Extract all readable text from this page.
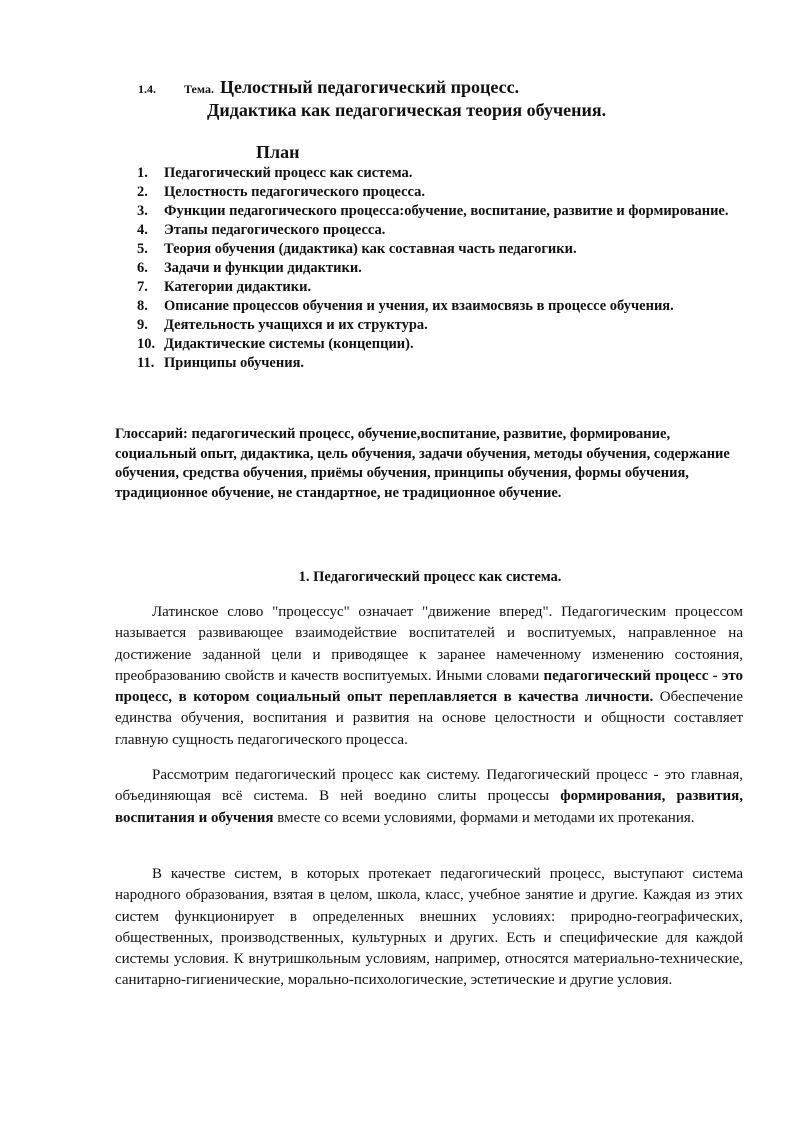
1.4. Тема. Целостный педагогический процесс.
Дидактика как педагогическая теория обучения.
План
1.	Педагогический процесс как система.
2.	Целостность педагогического процесса.
3.	Функции педагогического процесса:обучение, воспитание, развитие и формирование.
4.	Этапы педагогического процесса.
5.	Теория обучения (дидактика) как составная часть педагогики.
6.	Задачи и функции дидактики.
7.	Категории дидактики.
8.	Описание процессов обучения и учения, их взаимосвязь в процессе обучения.
9.	Деятельность учащихся и их структура.
10. Дидактические системы (концепции).
11. Принципы обучения.
Глоссарий: педагогический процесс, обучение,воспитание, развитие, формирование, социальный опыт, дидактика, цель обучения, задачи обучения, методы обучения, содержание обучения, средства обучения, приёмы обучения, принципы обучения, формы обучения, традиционное обучение, не стандартное, не традиционное обучение.
1. Педагогический процесс как система.

Латинское слово "процессус" означает "движение вперед". Педагогическим процессом называется развивающее взаимодействие воспитателей и воспитуемых, направленное на достижение заданной цели и приводящее к заранее намеченному изменению состояния, преобразованию свойств и качеств воспитуемых. Иными словами педагогический процесс - это процесс, в котором социальный опыт переплавляется в качества личности. Обеспечение единства обучения, воспитания и развития на основе целостности и общности составляет главную сущность педагогического процесса.

Рассмотрим педагогический процесс как систему. Педагогический процесс - это главная, объединяющая всё система. В ней воедино слиты процессы формирования, развития, воспитания и обучения вместе со всеми условиями, формами и методами их протекания.

В качестве систем, в которых протекает педагогический процесс, выступают система народного образования, взятая в целом, школа, класс, учебное занятие и другие. Каждая из этих систем функционирует в определенных внешних условиях: природно-географических, общественных, производственных, культурных и других. Есть и специфические для каждой системы условия. К внутришкольным условиям, например, относятся материально-технические, санитарно-гигиенические, морально-психологические, эстетические и другие условия.
